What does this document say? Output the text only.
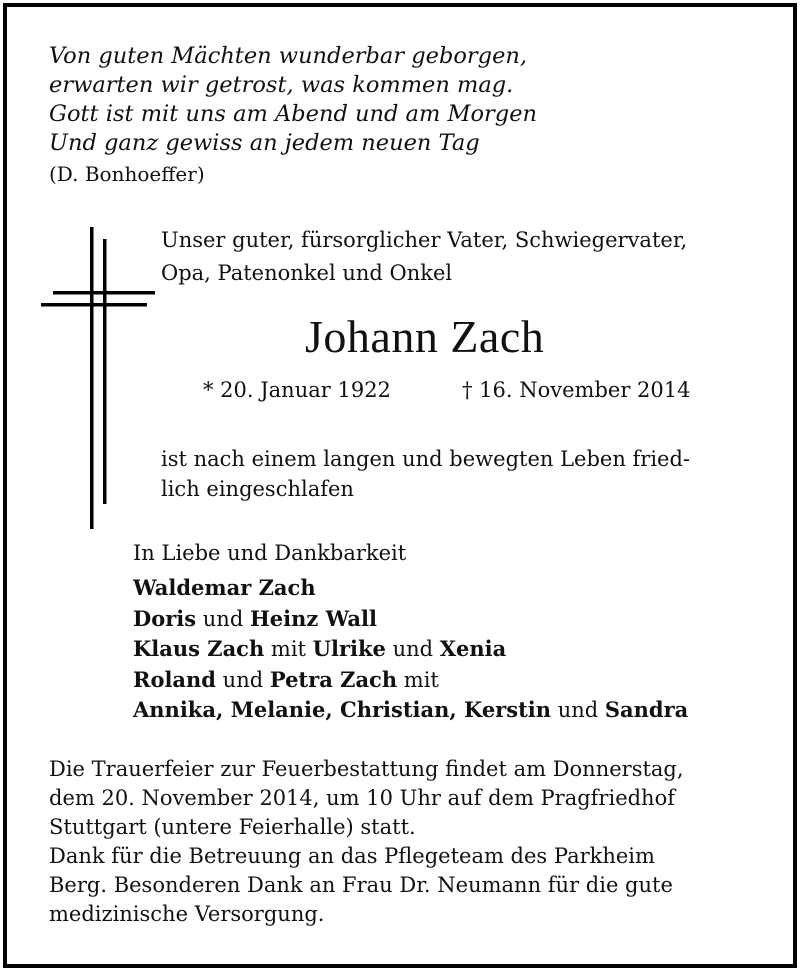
Von guten Mächten wunderbar geborgen,
erwarten wir getrost, was kommen mag.
Gott ist mit uns am Abend und am Morgen
Und ganz gewiss an jedem neuen Tag
(D. Bonhoeffer)
Unser guter, fürsorglicher Vater, Schwiegervater,
Opa, Patenonkel und Onkel
Johann Zach
* 20. Januar 1922	† 16. November 2014
ist nach einem langen und bewegten Leben fried-
lich eingeschlafen
In Liebe und Dankbarkeit
Waldemar Zach
Doris und Heinz Wall
Klaus Zach mit Ulrike und Xenia
Roland und Petra Zach mit
Annika, Melanie, Christian, Kerstin und Sandra
Die Trauerfeier zur Feuerbestattung findet am Donnerstag,
dem 20. November 2014, um 10 Uhr auf dem Pragfriedhof
Stuttgart (untere Feierhalle) statt.
Dank für die Betreuung an das Pflegeteam des Parkheim
Berg. Besonderen Dank an Frau Dr. Neumann für die gute
medizinische Versorgung.
